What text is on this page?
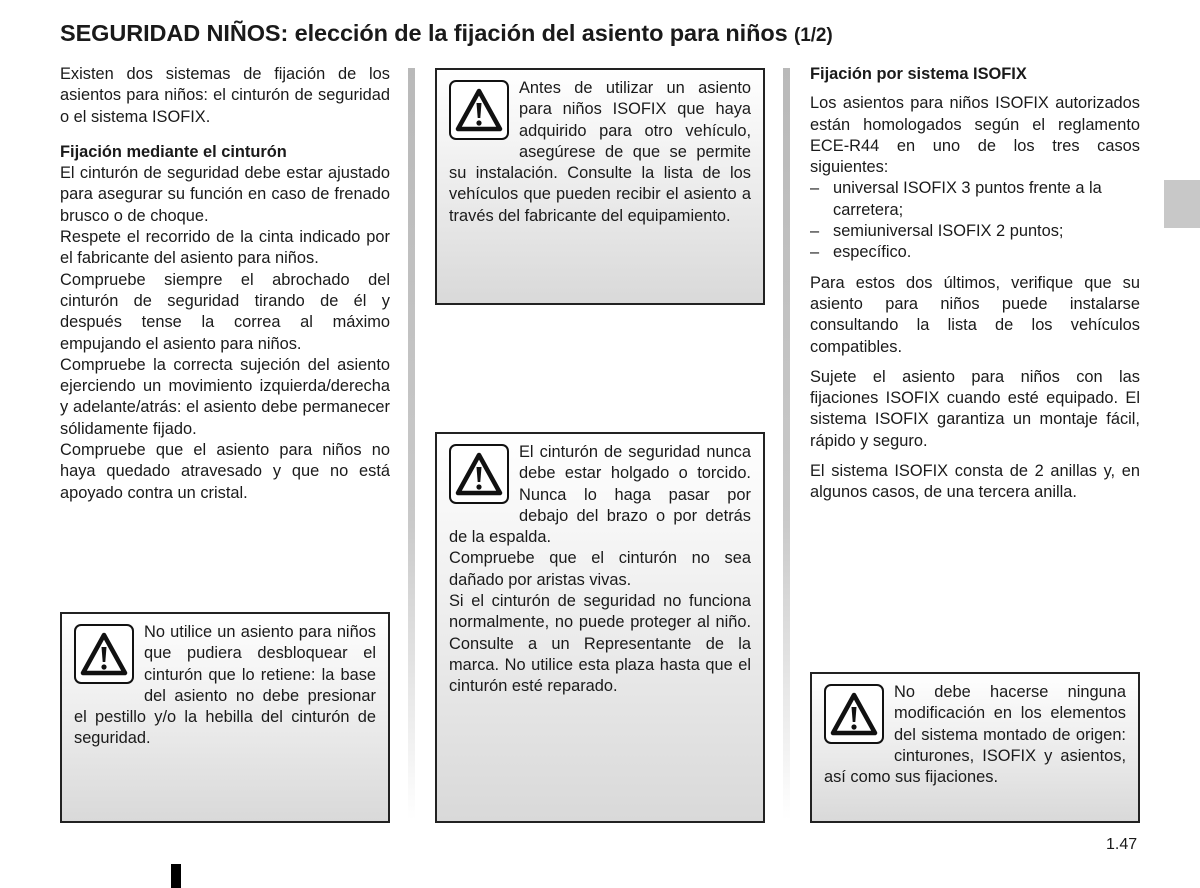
SEGURIDAD NIÑOS: elección de la fijación del asiento para niños (1/2)

Existen dos sistemas de fijación de los asientos para niños: el cinturón de seguridad o el sistema ISOFIX.

Fijación mediante el cinturón

El cinturón de seguridad debe estar ajustado para asegurar su función en caso de frenado brusco o de choque.

Respete el recorrido de la cinta indicado por el fabricante del asiento para niños.

Compruebe siempre el abrochado del cinturón de seguridad tirando de él y después tense la correa al máximo empujando el asiento para niños.

Compruebe la correcta sujeción del asiento ejerciendo un movimiento izquierda/derecha y adelante/atrás: el asiento debe permanecer sólidamente fijado.

Compruebe que el asiento para niños no haya quedado atravesado y que no está apoyado contra un cristal.

No utilice un asiento para niños que pudiera desbloquear el cinturón que lo retiene: la base del asiento no debe presionar el pestillo y/o la hebilla del cinturón de seguridad.
Antes de utilizar un asiento para niños ISOFIX que haya adquirido para otro vehículo, asegúrese de que se permite su instalación. Consulte la lista de los vehículos que pueden recibir el asiento a través del fabricante del equipamiento.
El cinturón de seguridad nunca debe estar holgado o torcido. Nunca lo haga pasar por debajo del brazo o por detrás de la espalda.
Compruebe que el cinturón no sea dañado por aristas vivas.
Si el cinturón de seguridad no funciona normalmente, no puede proteger al niño. Consulte a un Representante de la marca. No utilice esta plaza hasta que el cinturón esté reparado.

Fijación por sistema ISOFIX

Los asientos para niños ISOFIX autorizados están homologados según el reglamento ECE-R44 en uno de los tres casos siguientes:

– universal ISOFIX 3 puntos frente a la carretera;
– semiuniversal ISOFIX 2 puntos;
– específico.

Para estos dos últimos, verifique que su asiento para niños puede instalarse consultando la lista de los vehículos compatibles.

Sujete el asiento para niños con las fijaciones ISOFIX cuando esté equipado. El sistema ISOFIX garantiza un montaje fácil, rápido y seguro.

El sistema ISOFIX consta de 2 anillas y, en algunos casos, de una tercera anilla.

No debe hacerse ninguna modificación en los elementos del sistema montado de origen: cinturones, ISOFIX y asientos, así como sus fijaciones.
1.47
